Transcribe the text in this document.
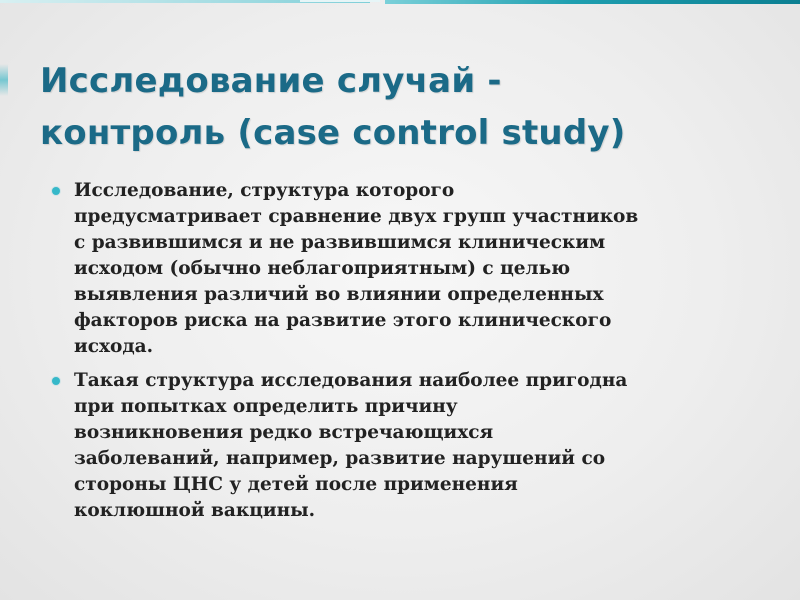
Исследование случай -
контроль (case control study)
Исследование, структура которого
предусматривает сравнение двух групп участников
с развившимся и не развившимся клиническим
исходом (обычно неблагоприятным) с целью
выявления различий во влиянии определенных
факторов риска на развитие этого клинического
исхода.
Такая структура исследования наиболее пригодна
при попытках определить причину
возникновения редко встречающихся
заболеваний, например, развитие нарушений со
стороны ЦНС у детей после применения
коклюшной вакцины.
